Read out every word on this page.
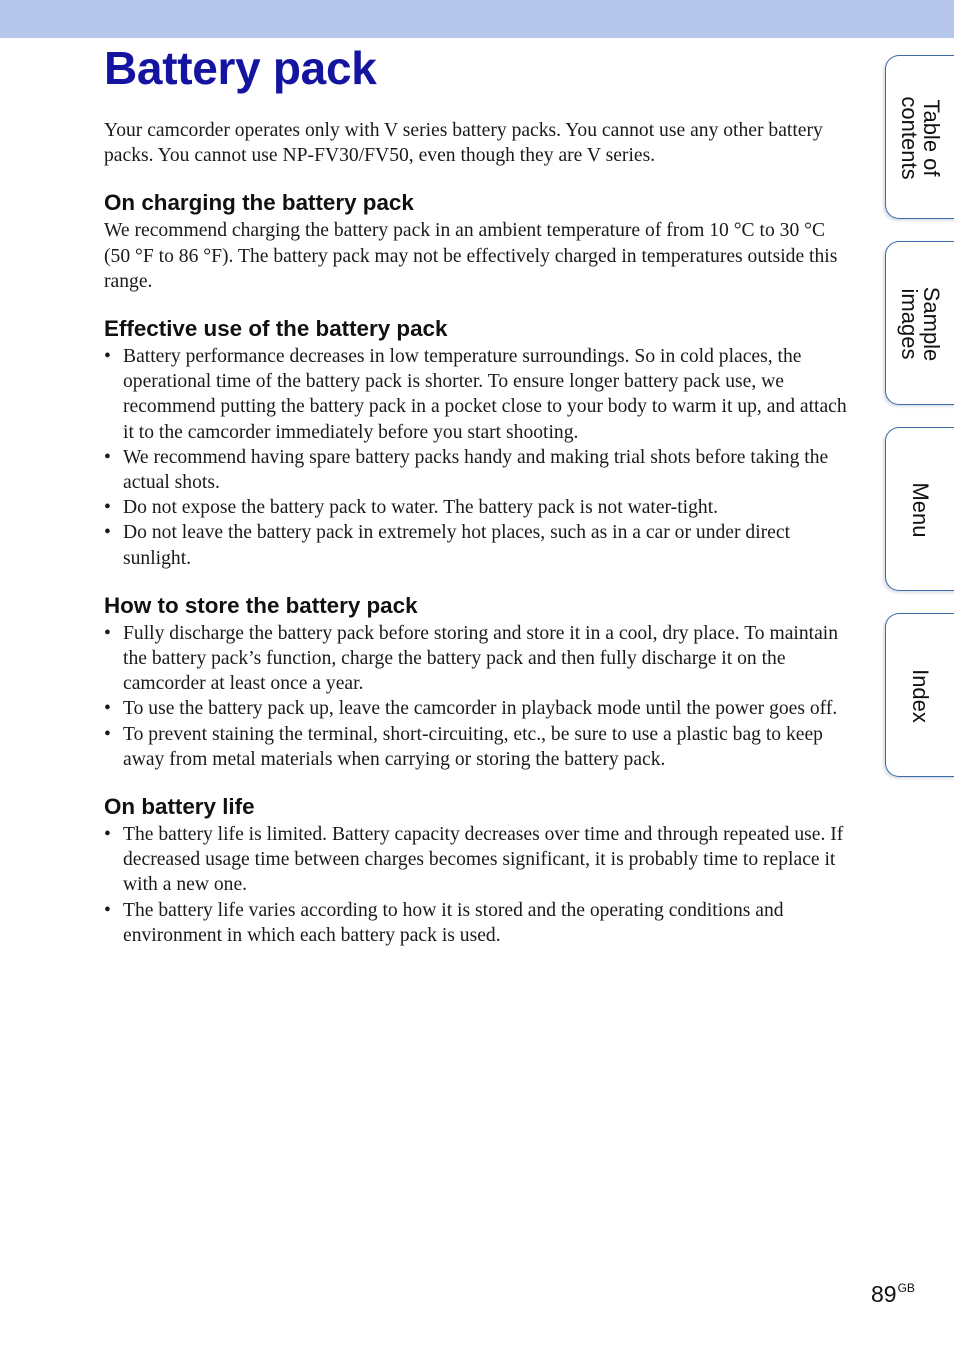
Battery pack

Your camcorder operates only with V series battery packs. You cannot use any other battery packs. You cannot use NP-FV30/FV50, even though they are V series.

On charging the battery pack

We recommend charging the battery pack in an ambient temperature of from 10 °C to 30 °C (50 °F to 86 °F). The battery pack may not be effectively charged in temperatures outside this range.

Effective use of the battery pack
• Battery performance decreases in low temperature surroundings. So in cold places, the operational time of the battery pack is shorter. To ensure longer battery pack use, we recommend putting the battery pack in a pocket close to your body to warm it up, and attach it to the camcorder immediately before you start shooting.
• We recommend having spare battery packs handy and making trial shots before taking the actual shots.
• Do not expose the battery pack to water. The battery pack is not water-tight.
• Do not leave the battery pack in extremely hot places, such as in a car or under direct sunlight.
How to store the battery pack
• Fully discharge the battery pack before storing and store it in a cool, dry place. To maintain the battery pack’s function, charge the battery pack and then fully discharge it on the camcorder at least once a year.
• To use the battery pack up, leave the camcorder in playback mode until the power goes off.
• To prevent staining the terminal, short-circuiting, etc., be sure to use a plastic bag to keep away from metal materials when carrying or storing the battery pack.
On battery life
• The battery life is limited. Battery capacity decreases over time and through repeated use. If decreased usage time between charges becomes significant, it is probably time to replace it with a new one.
• The battery life varies according to how it is stored and the operating conditions and environment in which each battery pack is used.
Table of
contents
Sample
images
Menu
Index
$89^{GB}$
